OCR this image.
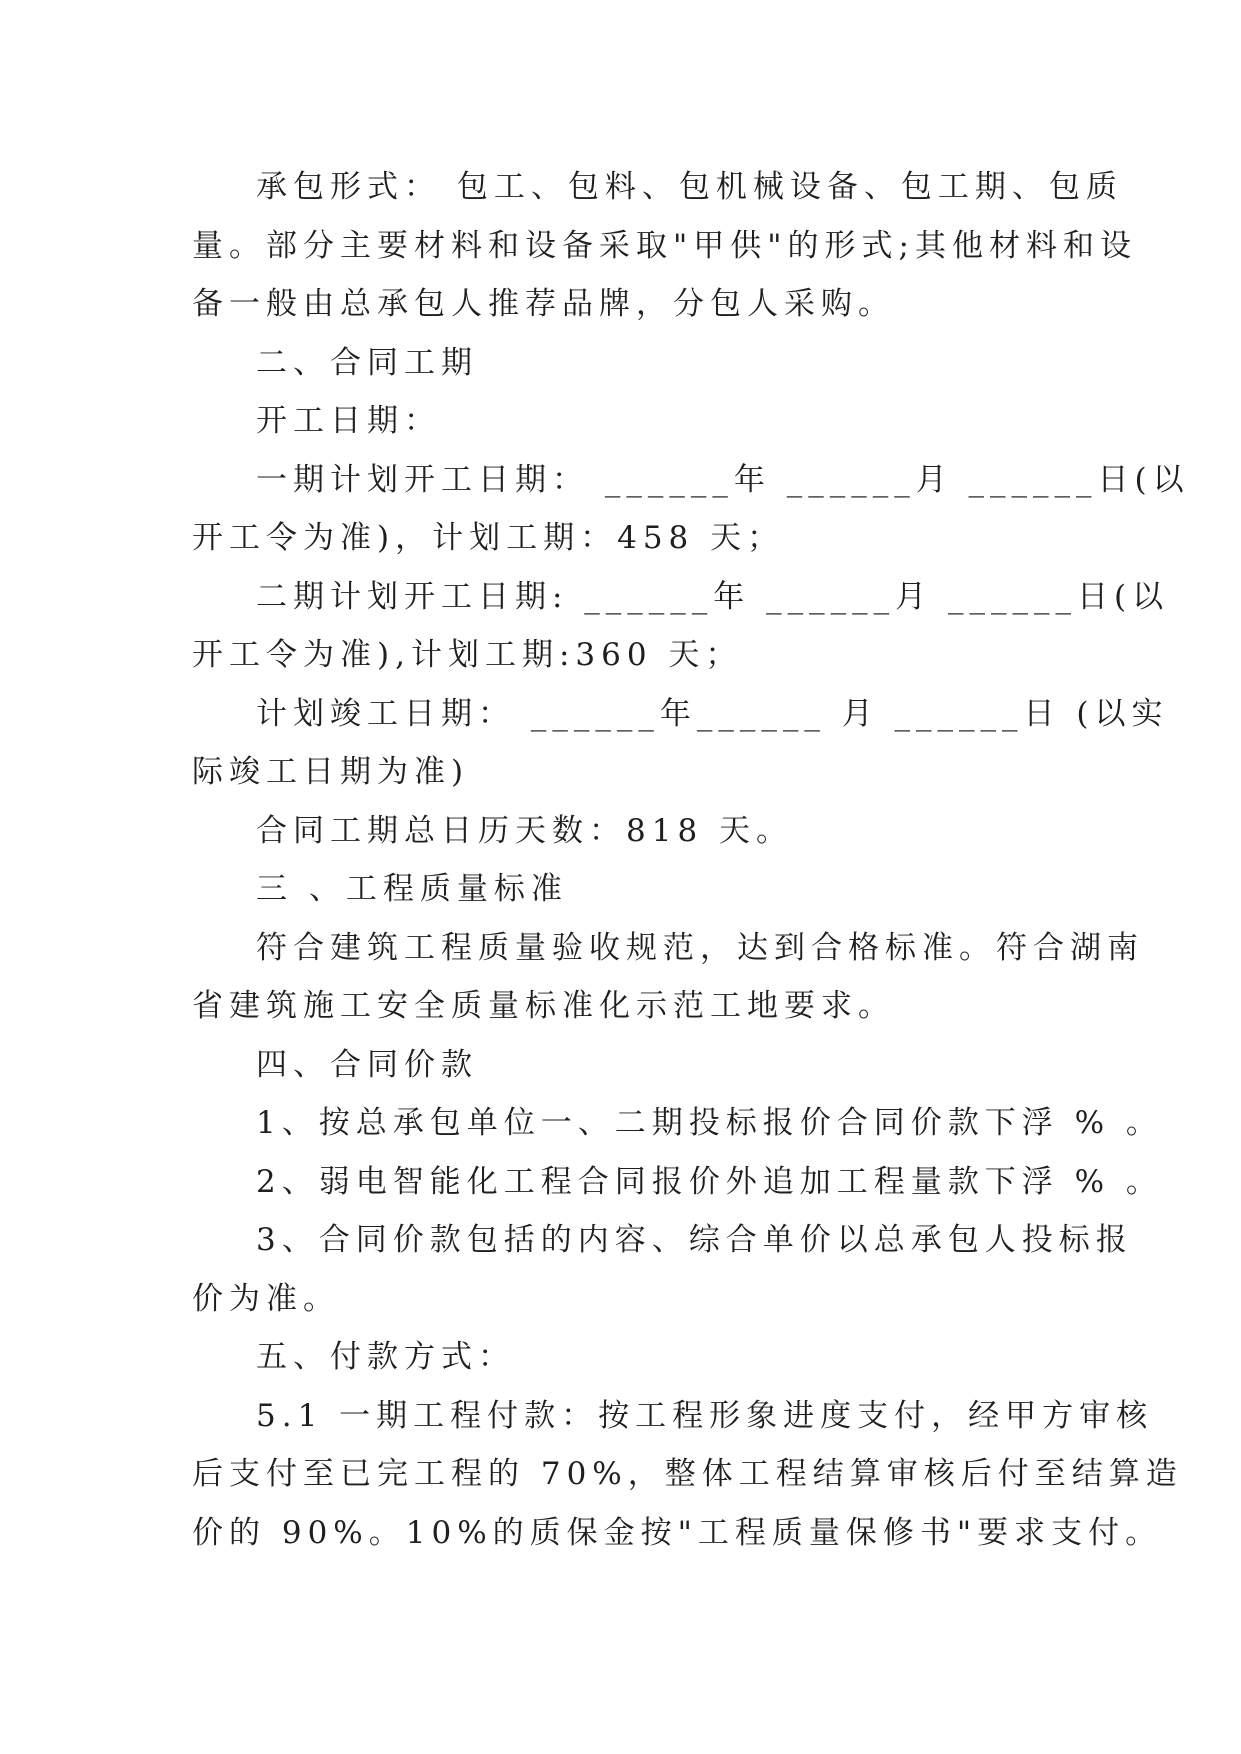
承包形式： 包工、包料、包机械设备、包工期、包质
量。部分主要材料和设备采取"甲供"的形式;其他材料和设
备一般由总承包人推荐品牌，分包人采购。
二、合同工期
开工日期：
一期计划开工日期： ______年 ______月 ______日(以
开工令为准)，计划工期：458 天；
二期计划开工日期: ______年 ______月 ______日(以
开工令为准),计划工期:360 天；
计划竣工日期： ______年______ 月 ______日 (以实
际竣工日期为准)
合同工期总日历天数：818 天。
三 、工程质量标准
符合建筑工程质量验收规范，达到合格标准。符合湖南
省建筑施工安全质量标准化示范工地要求。
四、合同价款
1、按总承包单位一、二期投标报价合同价款下浮 % 。
2、弱电智能化工程合同报价外追加工程量款下浮 % 。
3、合同价款包括的内容、综合单价以总承包人投标报
价为准。
五、付款方式：
5.1 一期工程付款：按工程形象进度支付，经甲方审核
后支付至已完工程的 70%，整体工程结算审核后付至结算造
价的 90%。10%的质保金按"工程质量保修书"要求支付。
